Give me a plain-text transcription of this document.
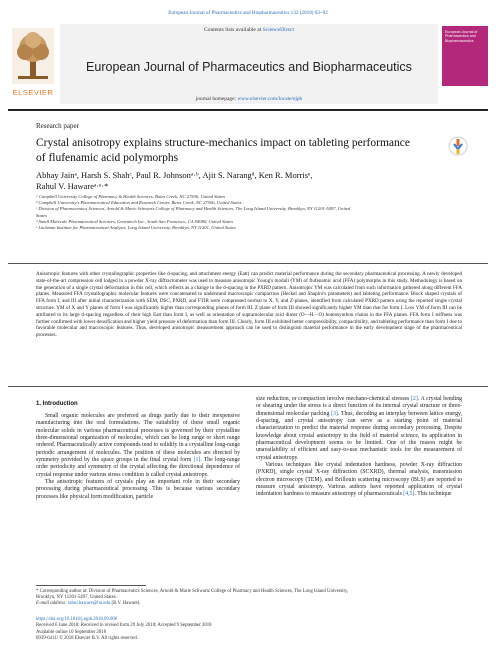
European Journal of Pharmaceutics and Biopharmaceutics 132 (2018) 83–92
ELSEVIER
Contents lists available at ScienceDirect
European Journal of Pharmaceutics and Biopharmaceutics
journal homepage: www.elsevier.com/locate/ejpb
European Journal of Pharmaceutics and Biopharmaceutics
Research paper
Crystal anisotropy explains structure-mechanics impact on tableting performance of flufenamic acid polymorphs
Abhay Jainᵃ, Harsh S. Shahᶜ, Paul R. Johnsonᵃ·ᵇ, Ajit S. Narangᵈ, Ken R. Morrisᵉ,
Rahul V. Hawareᵃ·ᵉ·*
ᵃ Campbell University College of Pharmacy & Health Sciences, Buies Creek, NC 27506, United States
ᵇ Campbell University's Pharmaceutical Education and Research Center, Buies Creek, NC 27506, United States
ᶜ Division of Pharmaceutics Sciences, Arnold & Marie Schwartz College of Pharmacy and Health Sciences, The Long Island University, Brooklyn, NY 11201-5497, United
States
ᵈ Small Molecule Pharmaceutical Sciences, Genentech Inc., South San Francisco, CA 94080, United States
ᵉ Lachman Institute for Pharmaceutical Analysis, Long Island University, Brooklyn, NY 11201, United States
Anisotropic features with other crystallographic properties like d-spacing, and attachment energy (Eatt) can predict material performance during the secondary pharmaceutical processing. A newly developed state-of-the-art compression cell lodged in a powder X-ray diffractometer was used to measure anisotropic Young's moduli (YM) of flufenamic acid (FFA) polymorphs in this study. Methodology is based on the generation of a single crystal deformation in this cell, which reflects as a change in the d-spacing in the PXRD pattern. Anisotropic YM was calculated from such information gathered along different FFA planes. Measured FFA crystallographic molecular features were concatenated to understand macroscopic compaction (Heckel and Shapiro's parameters) and tableting performance. Block shaped crystals of FFA form I, and III after initial characterization with SEM, DSC, PXRD, and FTIR were compressed normal to X, Y, and Z-planes, identified from calculated PXRD pattern using the reported single crystal structure. YM of X and Y planes of form I was significantly higher than corresponding planes of form III. Z plane of form III showed significantly higher YM than that for form I. Low YM of form III can be attributed to its large d-spacing regardless of their high Eatt than form I, as well as orientation of supramolecular acid dimer (O—H···O) homosynthon chains in the FFA planes. FFA form I stiffness was further confirmed with lower densification and higher yield pressure of deformation than form III. Clearly, form III exhibited better compressibility, compactibility, and tableting performance than form I due to favorable molecular and macroscopic features. Thus, developed anisotropic measurement approach can be used to distinguish material performance in the early development stage of the pharmaceutical processes.
1. Introduction

Small organic molecules are preferred as drugs partly due to their inexpensive manufacturing into the oral formulations. The suitability of these small organic molecular solids in various pharmaceutical processes is governed by their crystalline three-dimensional organization of molecules, which can be long range or short range ordered. Pharmaceutically active compounds tend to solidify in a crystalline long-range periodic arrangement of molecules. The position of these molecules are directed by symmetry provided by the space groups in the final crystal form [1]. The long-range order periodicity and symmetry of the crystal affecting the directional dependence of crystal response under various stress condition is called crystal anisotropy.

The anisotropic features of crystals play an important role in their secondary processing during pharmaceutical processing. This is because various secondary processes like physical form modification, particle

size reduction, or compaction involve mechano-chemical stresses [2]. A crystal bending or shearing under the stress is a direct function of its internal crystal structure or three-dimensional molecular packing [3]. Thus, decoding an interplay between lattice energy, d-spacing, and crystal anisotropy can serve as a starting point of material characterization to predict the material response during secondary processing. Despite knowledge about crystal anisotropy in the field of material science, its application in pharmaceutical development seems to be limited. One of the reason might be unavailability of efficient and easy-to-use mechanistic tools for the measurement of crystal anisotropy.

Various techniques like crystal indentation hardness, powder X-ray diffraction (PXRD), single crystal X-ray diffraction (SCXRD), thermal analysis, transmission electron microscopy (TEM), and Brillouin scattering microscopy (BLS) are reported to measure crystal anisotropy. Various authors have reported application of crystal indentation hardness to measure anisotropy of pharmaceuticals [4,5]. This technique

* Corresponding author at: Division of Pharmaceutics Sciences, Arnold & Marie Schwartz College of Pharmacy and Health Sciences, The Long Island University,
Brooklyn, NY 11201-5497, United States.
E-mail address: rahul.haware@liu.edu (R.V. Haware).
https://doi.org/10.1016/j.ejpb.2018.09.006
Received 6 June 2018; Received in revised form 29 July 2018; Accepted 9 September 2018
Available online 10 September 2018
0939-6411/ © 2018 Elsevier B.V. All rights reserved.
